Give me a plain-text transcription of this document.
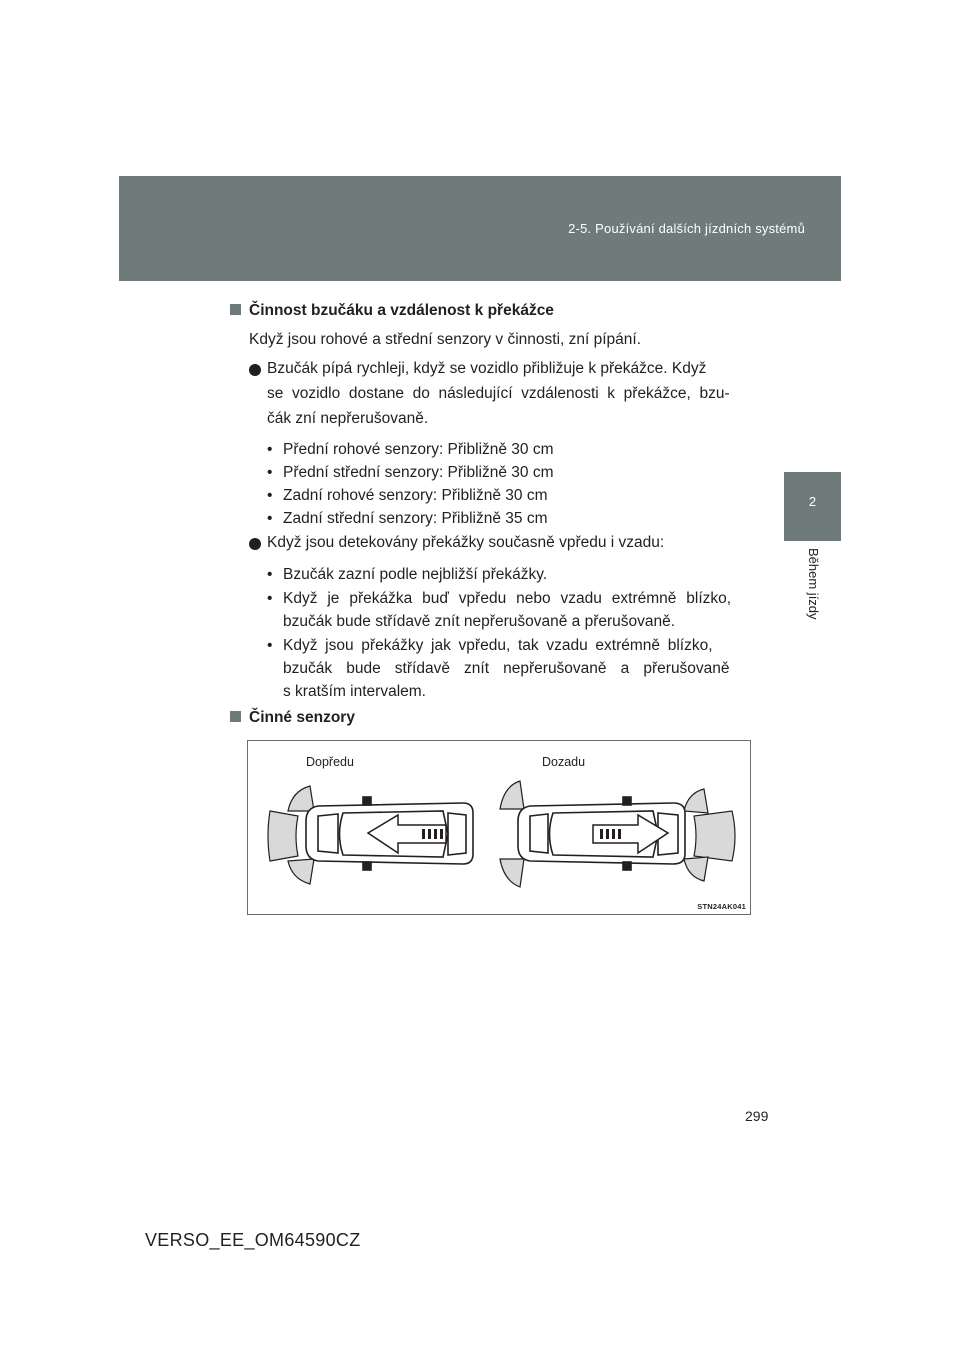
2-5. Používání dalších jízdních systémů
2
Během jízdy
Činnost bzučáku a vzdálenost k překážce
Když jsou rohové a střední senzory v činnosti, zní pípání.
Bzučák pípá rychleji, když se vozidlo přibližuje k překážce. Když
se vozidlo dostane do následující vzdálenosti k překážce, bzu-
čák zní nepřerušovaně.
• Přední rohové senzory: Přibližně 30 cm
• Přední střední senzory: Přibližně 30 cm
• Zadní rohové senzory: Přibližně 30 cm
• Zadní střední senzory: Přibližně 35 cm
Když jsou detekovány překážky současně vpředu i vzadu:
• Bzučák zazní podle nejbližší překážky.
• Když je překážka buď vpředu nebo vzadu extrémně blízko,
bzučák bude střídavě znít nepřerušovaně a přerušovaně.
• Když jsou překážky jak vpředu, tak vzadu extrémně blízko,
bzučák bude střídavě znít nepřerušovaně a přerušovaně
s kratším intervalem.
Činné senzory
Dopředu	Dozadu
STN24AK041
299
VERSO_EE_OM64590CZ
